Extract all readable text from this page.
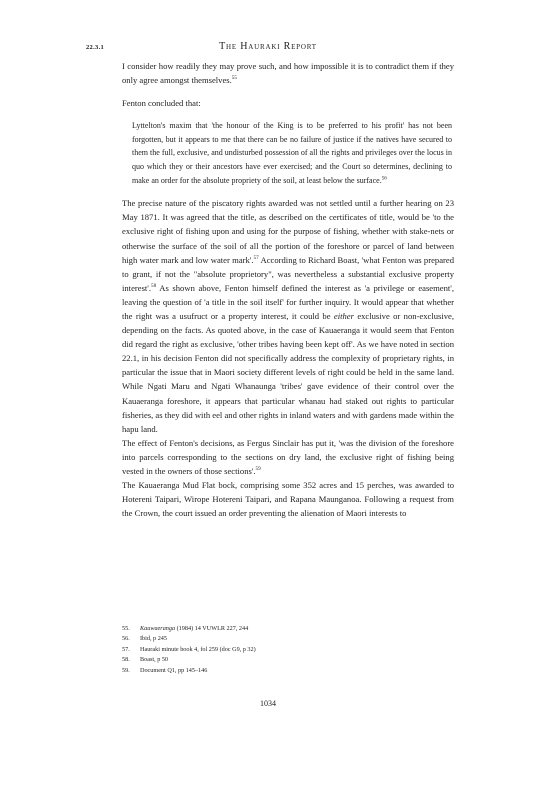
22.3.1	The Hauraki Report

I consider how readily they may prove such, and how impossible it is to contradict them if they only agree amongst themselves.$^{55}$

Fenton concluded that:

Lyttelton's maxim that 'the honour of the King is to be preferred to his profit' has not been forgotten, but it appears to me that there can be no failure of justice if the natives have secured to them the full, exclusive, and undisturbed possession of all the rights and privileges over the locus in quo which they or their ancestors have ever exercised; and the Court so determines, declining to make an order for the absolute propriety of the soil, at least below the surface.$^{56}$

The precise nature of the piscatory rights awarded was not settled until a further hearing on 23 May 1871. It was agreed that the title, as described on the certificates of title, would be 'to the exclusive right of fishing upon and using for the purpose of fishing, whether with stake-nets or otherwise the surface of the soil of all the portion of the foreshore or parcel of land between high water mark and low water mark'.$^{57}$ According to Richard Boast, 'what Fenton was prepared to grant, if not the "absolute proprietory", was nevertheless a substantial exclusive property interest'.$^{58}$ As shown above, Fenton himself defined the interest as 'a privilege or easement', leaving the question of 'a title in the soil itself' for further inquiry. It would appear that whether the right was a usufruct or a property interest, it could be either exclusive or non-exclusive, depending on the facts. As quoted above, in the case of Kauaeranga it would seem that Fenton did regard the right as exclusive, 'other tribes having been kept off'. As we have noted in section 22.1, in his decision Fenton did not specifically address the complexity of proprietary rights, in particular the issue that in Maori society different levels of right could be held in the same land. While Ngati Maru and Ngati Whanaunga 'tribes' gave evidence of their control over the Kauaeranga foreshore, it appears that particular whanau had staked out rights to particular fisheries, as they did with eel and other rights in inland waters and with gardens made within the hapu land.

The effect of Fenton's decisions, as Fergus Sinclair has put it, 'was the division of the foreshore into parcels corresponding to the sections on dry land, the exclusive right of fishing being vested in the owners of those sections'.$^{59}$

The Kauaeranga Mud Flat bock, comprising some 352 acres and 15 perches, was awarded to Hotereni Taipari, Wirope Hotereni Taipari, and Rapana Maunganoa. Following a request from the Crown, the court issued an order preventing the alienation of Maori interests to

55.	Kauwaeranga (1984) 14 VUWLR 227, 244
56.	Ibid, p 245
57.	Hauraki minute book 4, fol 259 (doc G9, p 32)
58.	Boast, p 50
59.	Document Q1, pp 145–146
1034
